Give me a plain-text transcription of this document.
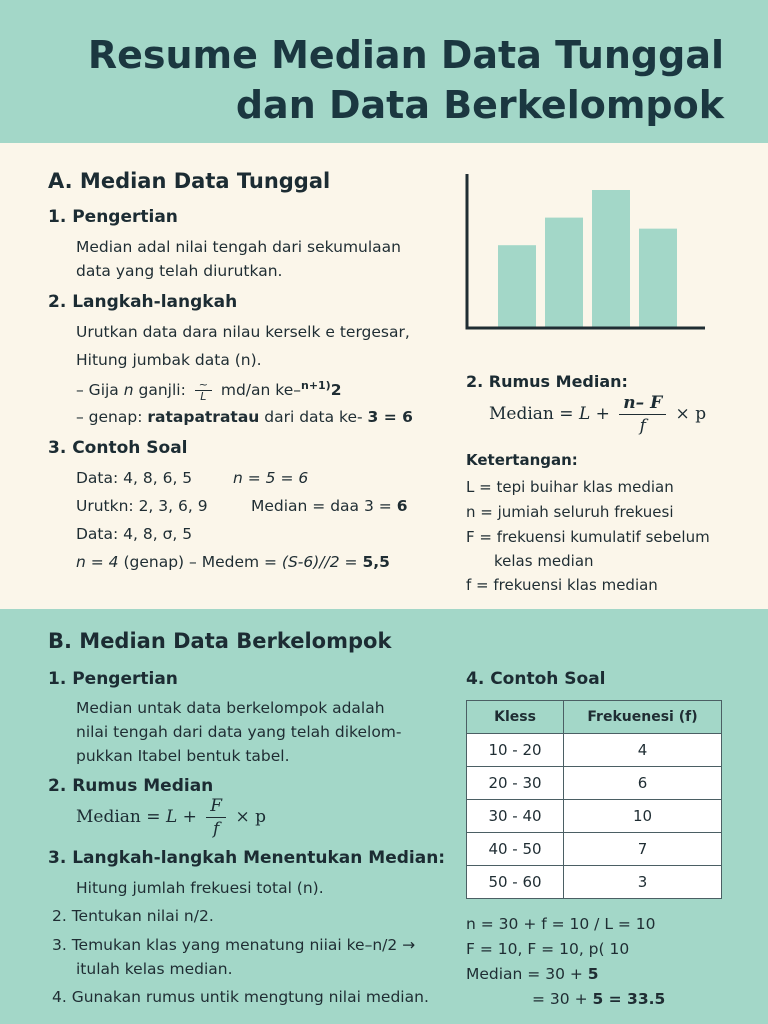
Resume Median Data Tunggal
dan Data Berkelompok
A. Median Data Tunggal
1. Pengertian
Median adal nilai tengah dari sekumulaan
data yang telah diurutkan.
2. Langkah-langkah
Urutkan data dara nilau kerselk e tergesar,
Hitung jumbak data (n).
– Gija n ganjli: $\frac{\sim}{L} md/an$ ke–$^{n+1)}$2
– genap: ratapatratau dari data ke- 3 = 6
3. Contoh Soal
Data: 4, 8, 6, 5	n = 5 = 6
Urutkn: 2, 3, 6, 9	Median = daa 3 = 6
Data: 4, 8, σ, 5
n = 4 (genap) – Medem = (S-6)//2 = 5,5
2. Rumus Median:
Median = $L + \frac{n- F}{f} \times p$
Ketertangan:
L = tepi buihar klas median
n = jumiah seluruh frekuesi
F = frekuensi kumulatif sebelum
kelas median
f = frekuensi klas median
B. Median Data Berkelompok
1. Pengertian
Median untak data berkelompok adalah
nilai tengah dari data yang telah dikelom-
pukkan Itabel bentuk tabel.
2. Rumus Median
Median = $L + \frac{F}{f} \times p$
3. Langkah-langkah Menentukan Median:
Hitung jumlah frekuesi total (n).
2. Tentukan nilai n/2.
3. Temukan klas yang menatung niiai ke–n/2 →
itulah kelas median.
4. Gunakan rumus untik mengtung nilai median.
4. Contoh Soal
Kless	Frekuenesi (f)
10 - 20	4
20 - 30	6
30 - 40	10
40 - 50	7
50 - 60	3
n = 30 + f = 10 / L = 10
F = 10, F = 10, p( 10
Median = 30 + 5
= 30 + 5 = 33.5
